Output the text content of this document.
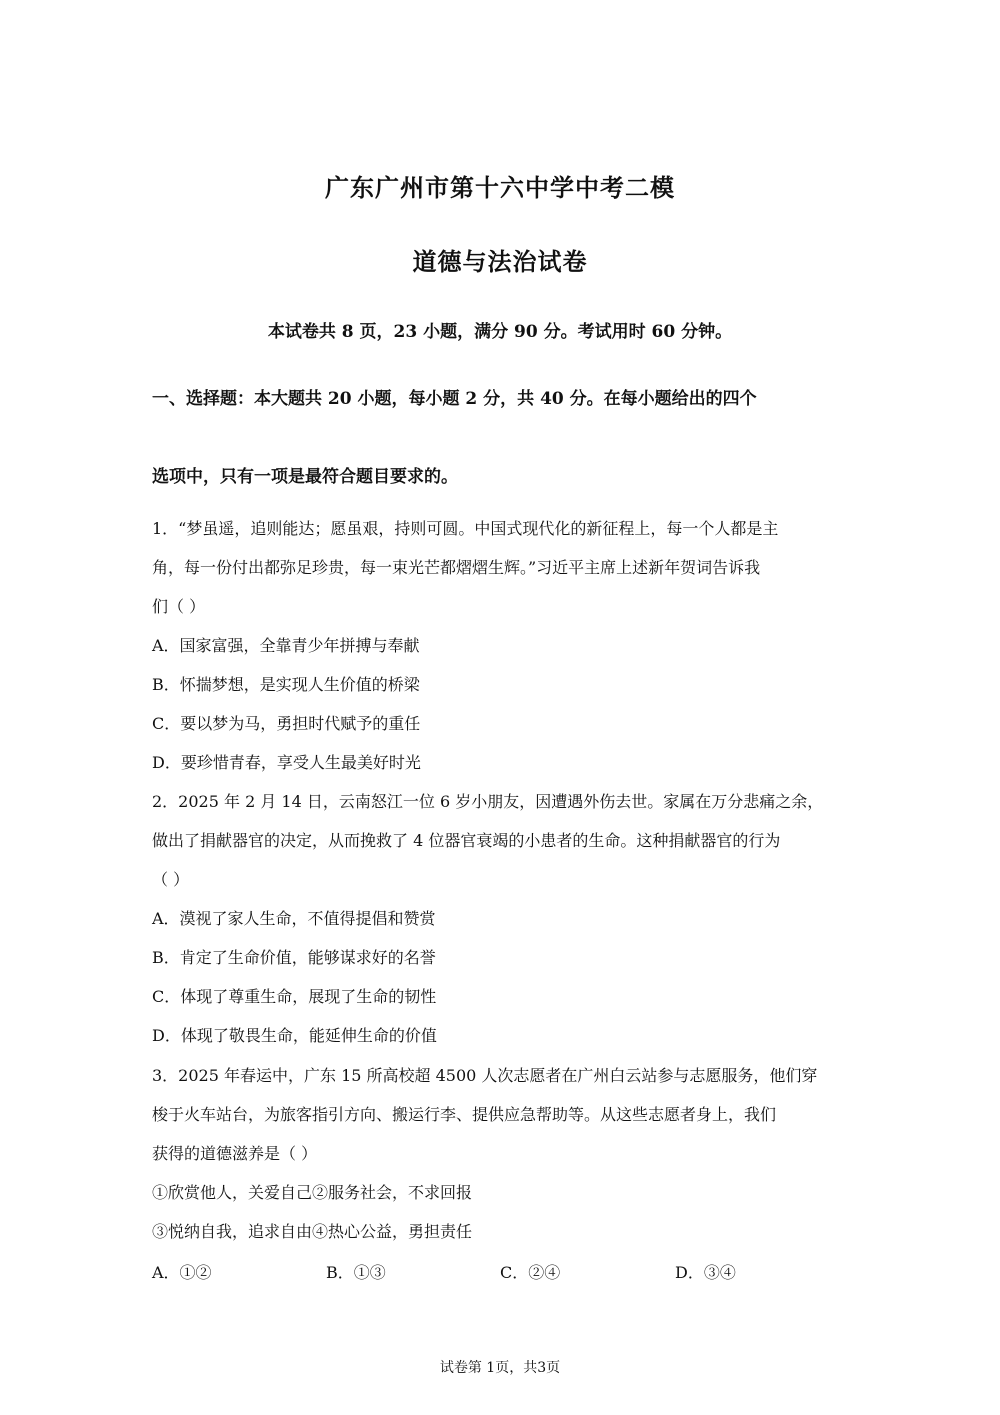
广东广州市第十六中学中考二模
道德与法治试卷
本试卷共 8 页，23 小题，满分 90 分。考试用时 60 分钟。
一、选择题：本大题共 20 小题，每小题 2 分，共 40 分。在每小题给出的四个
选项中，只有一项是最符合题目要求的。
1．“梦虽遥，追则能达；愿虽艰，持则可圆。中国式现代化的新征程上，每一个人都是主
角，每一份付出都弥足珍贵，每一束光芒都熠熠生辉。”习近平主席上述新年贺词告诉我
们（ ）
A．国家富强，全靠青少年拼搏与奉献
B．怀揣梦想，是实现人生价值的桥梁
C．要以梦为马，勇担时代赋予的重任
D．要珍惜青春，享受人生最美好时光
2．2025 年 2 月 14 日，云南怒江一位 6 岁小朋友，因遭遇外伤去世。家属在万分悲痛之余，
做出了捐献器官的决定，从而挽救了 4 位器官衰竭的小患者的生命。这种捐献器官的行为
（ ）
A．漠视了家人生命，不值得提倡和赞赏
B．肯定了生命价值，能够谋求好的名誉
C．体现了尊重生命，展现了生命的韧性
D．体现了敬畏生命，能延伸生命的价值
3．2025 年春运中，广东 15 所高校超 4500 人次志愿者在广州白云站参与志愿服务，他们穿
梭于火车站台，为旅客指引方向、搬运行李、提供应急帮助等。从这些志愿者身上，我们
获得的道德滋养是（ ）
①欣赏他人，关爱自己②服务社会，不求回报
③悦纳自我，追求自由④热心公益，勇担责任
A．①②	B．①③	C．②④	D．③④
试卷第 1页，共3页
